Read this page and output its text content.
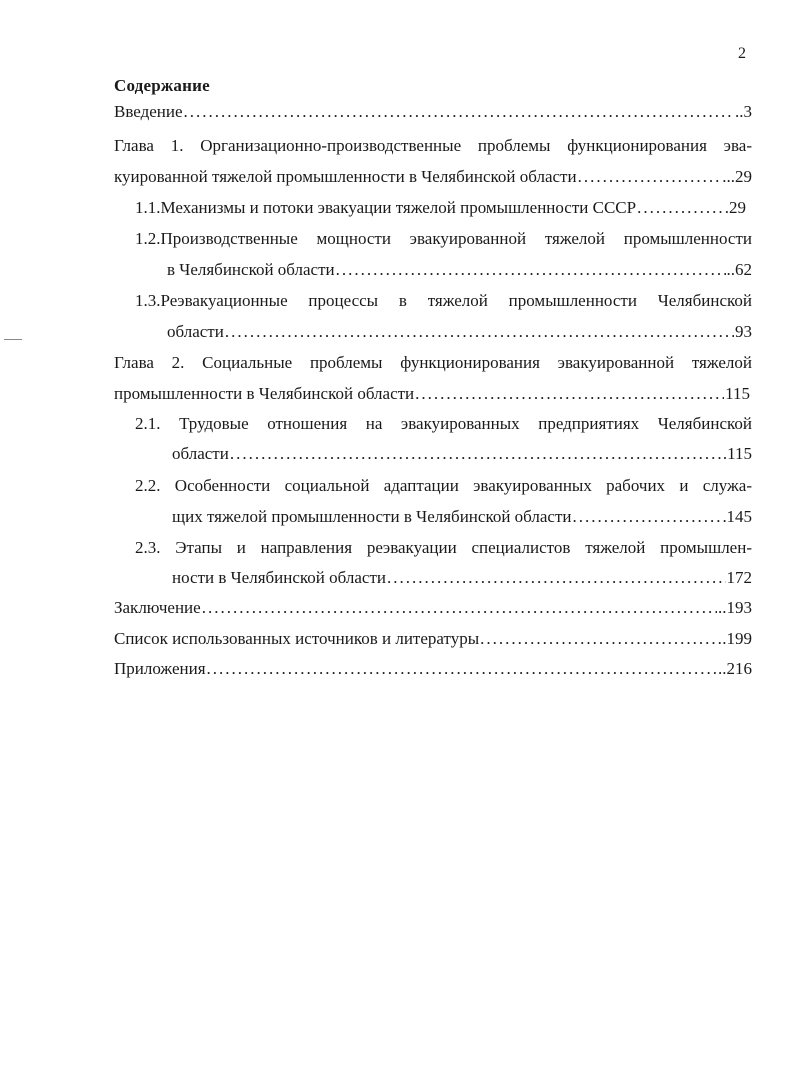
2
Содержание
Введение .....	..3
Глава 1. Организационно-производственные проблемы функционирования эва-
куированной тяжелой промышленности в Челябинской области .....	...29
1.1.Механизмы и потоки эвакуации тяжелой промышленности СССР .....	.29
1.2.Производственные мощности эвакуированной тяжелой промышленности
в Челябинской области .....	..62
1.3.Реэвакуационные процессы в тяжелой промышленности Челябинской
области .....	93
Глава 2. Социальные проблемы функционирования эвакуированной тяжелой
промышленности в Челябинской области .....	115
2.1. Трудовые отношения на эвакуированных предприятиях Челябинской
области .....	.115
2.2. Особенности социальной адаптации эвакуированных рабочих и служа-
щих тяжелой промышленности в Челябинской области .....	145
2.3. Этапы и направления реэвакуации специалистов тяжелой промышлен-
ности в Челябинской области .....	172
Заключение .....	..193
Список использованных источников и литературы .....	.199
Приложения .....	..216
